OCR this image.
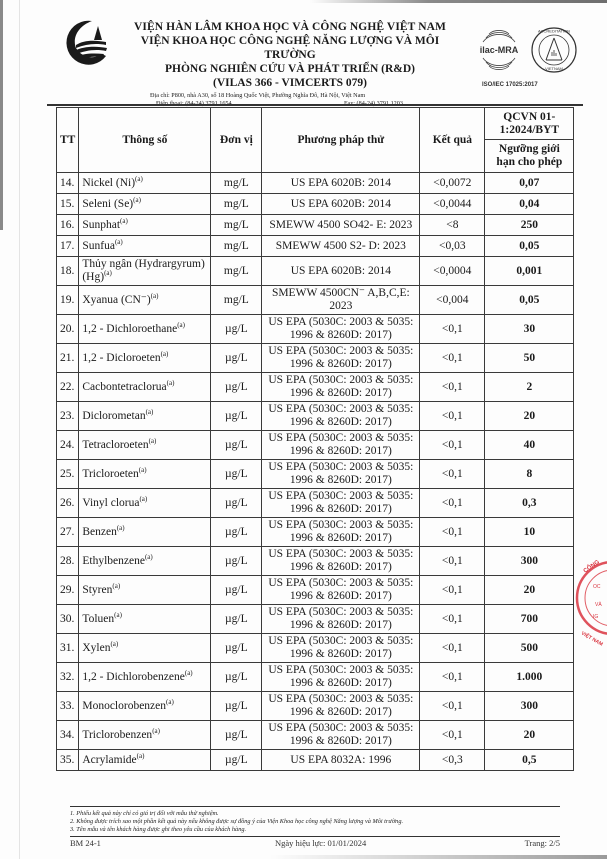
VIỆN HÀN LÂM KHOA HỌC VÀ CÔNG NGHỆ VIỆT NAM
VIỆN KHOA HỌC CÔNG NGHỆ NĂNG LƯỢNG VÀ MÔI TRƯỜNG
PHÒNG NGHIÊN CỨU VÀ PHÁT TRIỂN (R&D)
(VILAS 366 - VIMCERTS 079)
Địa chỉ: P800, nhà A30, số 18 Hoàng Quốc Việt, Phường Nghĩa Đô, Hà Nội, Việt Nam
ilac-MRA
ACCREDITATION
VIETNAM
ISO/IEC 17025:2017
TT	Thông số	Đơn vị	Phương pháp thử	Kết quả	QCVN 01-1:2024/BYT
					Ngưỡng giới hạn cho phép
14.	Nickel $(Ni)^{(a)}$	mg/L	US EPA 6020B: 2014	<0,0072	0,07
15.	Seleni $(Se)^{(a)}$	mg/L	US EPA 6020B: 2014	<0,0044	0,04
16.	Sunphat$^{(a)}$	mg/L	SMEWW 4500 SO42- E: 2023	<8	250
17.	Sunfua$^{(a)}$	mg/L	SMEWW 4500 S2- D: 2023	<0,03	0,05
18.	Thủy ngân (Hydrargyrum) $(Hg)^{(a)}$	mg/L	US EPA 6020B: 2014	<0,0004	0,001
19.	Xyanua $(CN^-)^{(a)}$	mg/L	SMEWW 4500CN⁻ A,B,C,E: 2023	<0,004	0,05
20.	1,2 - Dichloroethane$^{(a)}$	µg/L	US EPA (5030C: 2003 & 5035: 1996 & 8260D: 2017)	<0,1	30
21.	1,2 - Dicloroeten$^{(a)}$	µg/L	US EPA (5030C: 2003 & 5035: 1996 & 8260D: 2017)	<0,1	50
22.	Cacbontetraclorua$^{(a)}$	µg/L	US EPA (5030C: 2003 & 5035: 1996 & 8260D: 2017)	<0,1	2
23.	Diclorometan$^{(a)}$	µg/L	US EPA (5030C: 2003 & 5035: 1996 & 8260D: 2017)	<0,1	20
24.	Tetracloroeten$^{(a)}$	µg/L	US EPA (5030C: 2003 & 5035: 1996 & 8260D: 2017)	<0,1	40
25.	Tricloroeten$^{(a)}$	µg/L	US EPA (5030C: 2003 & 5035: 1996 & 8260D: 2017)	<0,1	8
26.	Vinyl clorua$^{(a)}$	µg/L	US EPA (5030C: 2003 & 5035: 1996 & 8260D: 2017)	<0,1	0,3
27.	Benzen$^{(a)}$	µg/L	US EPA (5030C: 2003 & 5035: 1996 & 8260D: 2017)	<0,1	10
28.	Ethylbenzene$^{(a)}$	µg/L	US EPA (5030C: 2003 & 5035: 1996 & 8260D: 2017)	<0,1	300
29.	Styren$^{(a)}$	µg/L	US EPA (5030C: 2003 & 5035: 1996 & 8260D: 2017)	<0,1	20
30.	Toluen$^{(a)}$	µg/L	US EPA (5030C: 2003 & 5035: 1996 & 8260D: 2017)	<0,1	700
31.	Xylen$^{(a)}$	µg/L	US EPA (5030C: 2003 & 5035: 1996 & 8260D: 2017)	<0,1	500
32.	1,2 - Dichlorobenzene$^{(a)}$	µg/L	US EPA (5030C: 2003 & 5035: 1996 & 8260D: 2017)	<0,1	1.000
33.	Monoclorobenzen$^{(a)}$	µg/L	US EPA (5030C: 2003 & 5035: 1996 & 8260D: 2017)	<0,1	300
34.	Triclorobenzen$^{(a)}$	µg/L	US EPA (5030C: 2003 & 5035: 1996 & 8260D: 2017)	<0,1	20
35.	Acrylamide$^{(a)}$	µg/L	US EPA 8032A: 1996	<0,3	0,5
CÔNG
OC
VÀ
IG
VIỆT NAM
1. Phiếu kết quả này chỉ có giá trị đối với mẫu thử nghiệm.
2. Không được trích sao một phần kết quả này nếu không được sự đồng ý của Viện Khoa học công nghệ Năng lượng và Môi trường.
3. Tên mẫu và tên khách hàng được ghi theo yêu cầu của khách hàng.
BM 24-1	Ngày hiệu lực: 01/01/2024	Trang: 2/5
